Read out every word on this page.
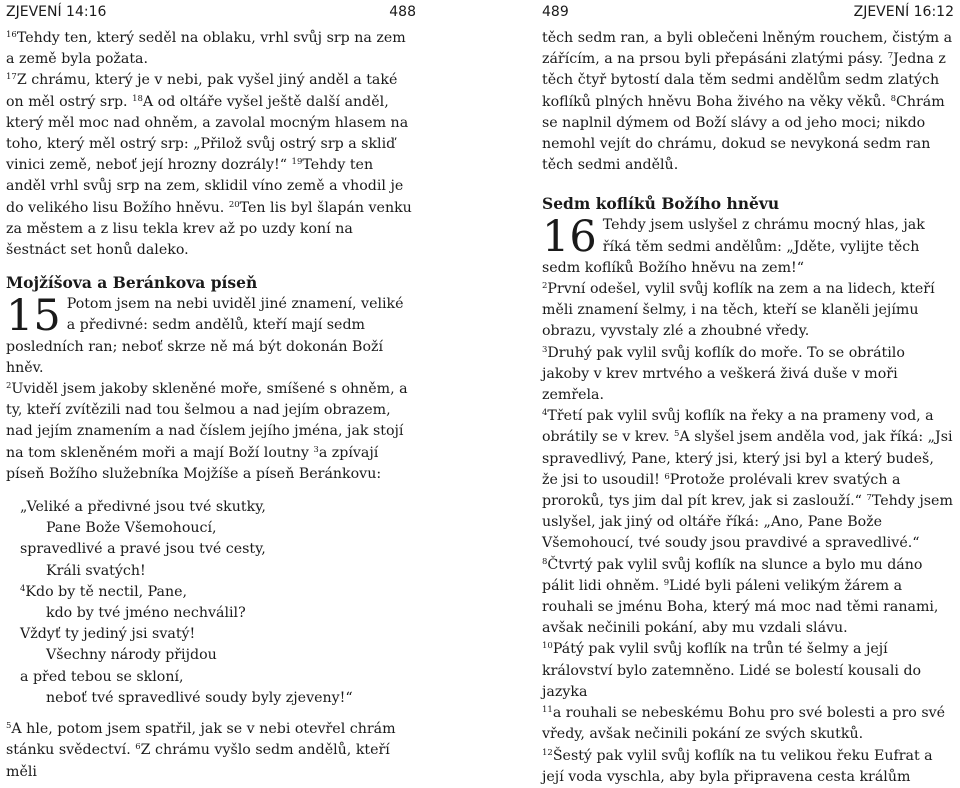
ZJEVENÍ 14:16	488

$^{16}$Tehdy ten, který seděl na oblaku, vrhl svůj srp na zem a země byla požata.
$^{17}$Z chrámu, který je v nebi, pak vyšel jiný anděl a také on měl ostrý srp. $^{18}$A od oltáře vyšel ještě další anděl, který měl moc nad ohněm, a zavolal mocným hlasem na toho, který měl ostrý srp: „Přilož svůj ostrý srp a skliď vinici země, neboť její hrozny dozrály!“ $^{19}$Tehdy ten anděl vrhl svůj srp na zem, sklidil víno země a vhodil je do velikého lisu Božího hněvu. $^{20}$Ten lis byl šlapán venku za městem a z lisu tekla krev až po uzdy koní na šestnáct set honů daleko.

Mojžíšova a Beránkova píseň

15 Potom jsem na nebi uviděl jiné znamení, veliké a předivné: sedm andělů, kteří mají sedm posledních ran; neboť skrze ně má být dokonán Boží hněv.
$^2$Uviděl jsem jakoby skleněné moře, smíšené s ohněm, a ty, kteří zvítězili nad tou šelmou a nad jejím obrazem, nad jejím znamením a nad číslem jejího jména, jak stojí na tom skleněném moři a mají Boží loutny $^3$a zpívají píseň Božího služebníka Mojžíše a píseň Beránkovu:

„Veliké a předivné jsou tvé skutky,
Pane Bože Všemohoucí,
spravedlivé a pravé jsou tvé cesty,
Králi svatých!
$^4$Kdo by tě nectil, Pane,
kdo by tvé jméno nechválil?
Vždyť ty jediný jsi svatý!
Všechny národy přijdou
a před tebou se skloní,
neboť tvé spravedlivé soudy byly zjeveny!“

$^5$A hle, potom jsem spatřil, jak se v nebi otevřel chrám stánku svědectví. $^6$Z chrámu vyšlo sedm andělů, kteří měli

489	ZJEVENÍ 16:12

těch sedm ran, a byli oblečeni lněným rouchem, čistým a zářícím, a na prsou byli přepásáni zlatými pásy. $^7$Jedna z těch čtyř bytostí dala těm sedmi andělům sedm zlatých koflíků plných hněvu Boha živého na věky věků. $^8$Chrám se naplnil dýmem od Boží slávy a od jeho moci; nikdo nemohl vejít do chrámu, dokud se nevykoná sedm ran těch sedmi andělů.

Sedm koflíků Božího hněvu

16 Tehdy jsem uslyšel z chrámu mocný hlas, jak říká těm sedmi andělům: „Jděte, vylijte těch sedm koflíků Božího hněvu na zem!“
$^2$První odešel, vylil svůj koflík na zem a na lidech, kteří měli znamení šelmy, i na těch, kteří se klaněli jejímu obrazu, vyvstaly zlé a zhoubné vředy.
$^3$Druhý pak vylil svůj koflík do moře. To se obrátilo jakoby v krev mrtvého a veškerá živá duše v moři zemřela.
$^4$Třetí pak vylil svůj koflík na řeky a na prameny vod, a obrátily se v krev. $^5$A slyšel jsem anděla vod, jak říká: „Jsi spravedlivý, Pane, který jsi, který jsi byl a který budeš, že jsi to usoudil! $^6$Protože prolévali krev svatých a proroků, tys jim dal pít krev, jak si zaslouží.“ $^7$Tehdy jsem uslyšel, jak jiný od oltáře říká: „Ano, Pane Bože Všemohoucí, tvé soudy jsou pravdivé a spravedlivé.“
$^8$Čtvrtý pak vylil svůj koflík na slunce a bylo mu dáno pálit lidi ohněm. $^9$Lidé byli páleni velikým žárem a rouhali se jménu Boha, který má moc nad těmi ranami, avšak nečinili pokání, aby mu vzdali slávu.
$^{10}$Pátý pak vylil svůj koflík na trůn té šelmy a její království bylo zatemněno. Lidé se bolestí kousali do jazyka
$^{11}$a rouhali se nebeskému Bohu pro své bolesti a pro své vředy, avšak nečinili pokání ze svých skutků.
$^{12}$Šestý pak vylil svůj koflík na tu velikou řeku Eufrat a její voda vyschla, aby byla připravena cesta králům
